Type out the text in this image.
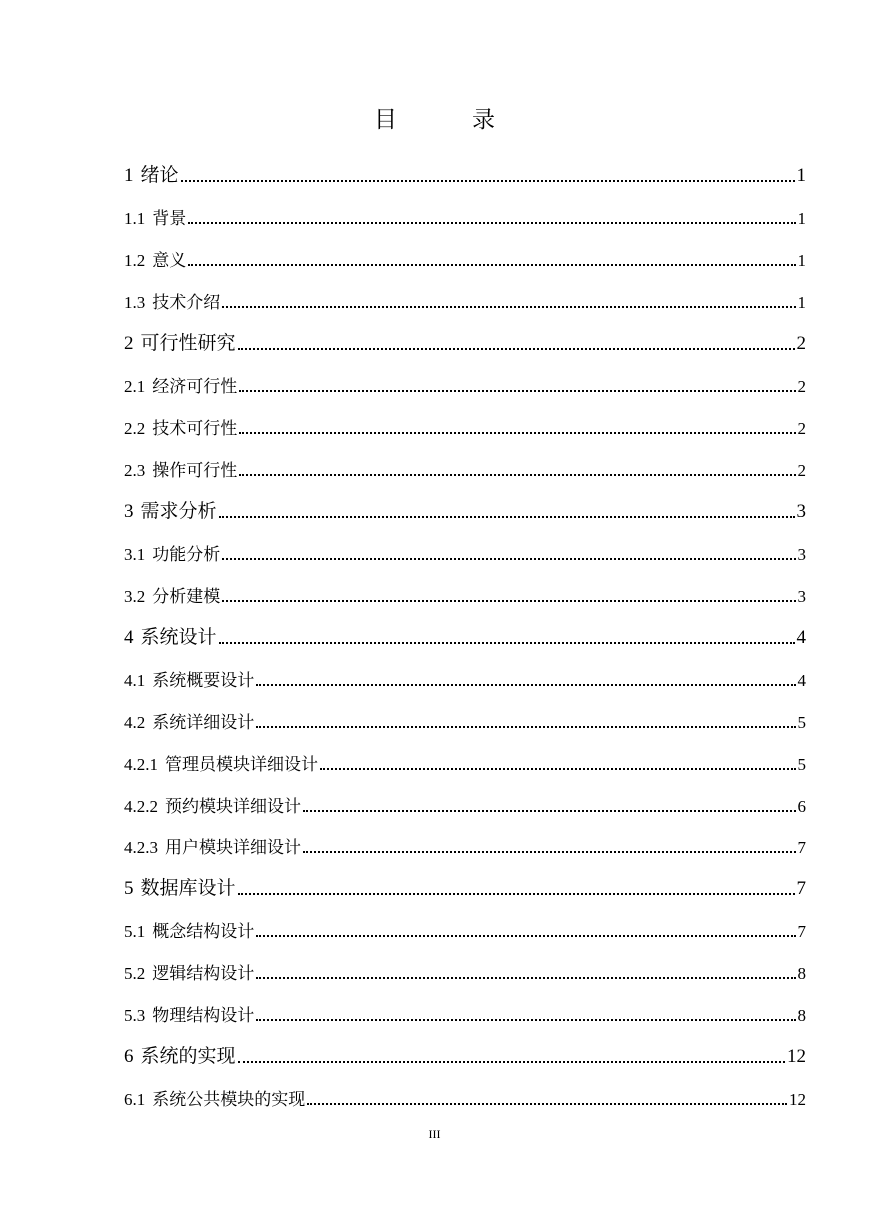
目　录
1 绪论	1
1.1 背景	1
1.2 意义	1
1.3 技术介绍	1
2 可行性研究	2
2.1 经济可行性	2
2.2 技术可行性	2
2.3 操作可行性	2
3 需求分析	3
3.1 功能分析	3
3.2 分析建模	3
4 系统设计	4
4.1 系统概要设计	4
4.2 系统详细设计	5
4.2.1 管理员模块详细设计	5
4.2.2 预约模块详细设计	6
4.2.3 用户模块详细设计	7
5 数据库设计	7
5.1 概念结构设计	7
5.2 逻辑结构设计	8
5.3 物理结构设计	8
6 系统的实现	12
6.1 系统公共模块的实现	12
III
